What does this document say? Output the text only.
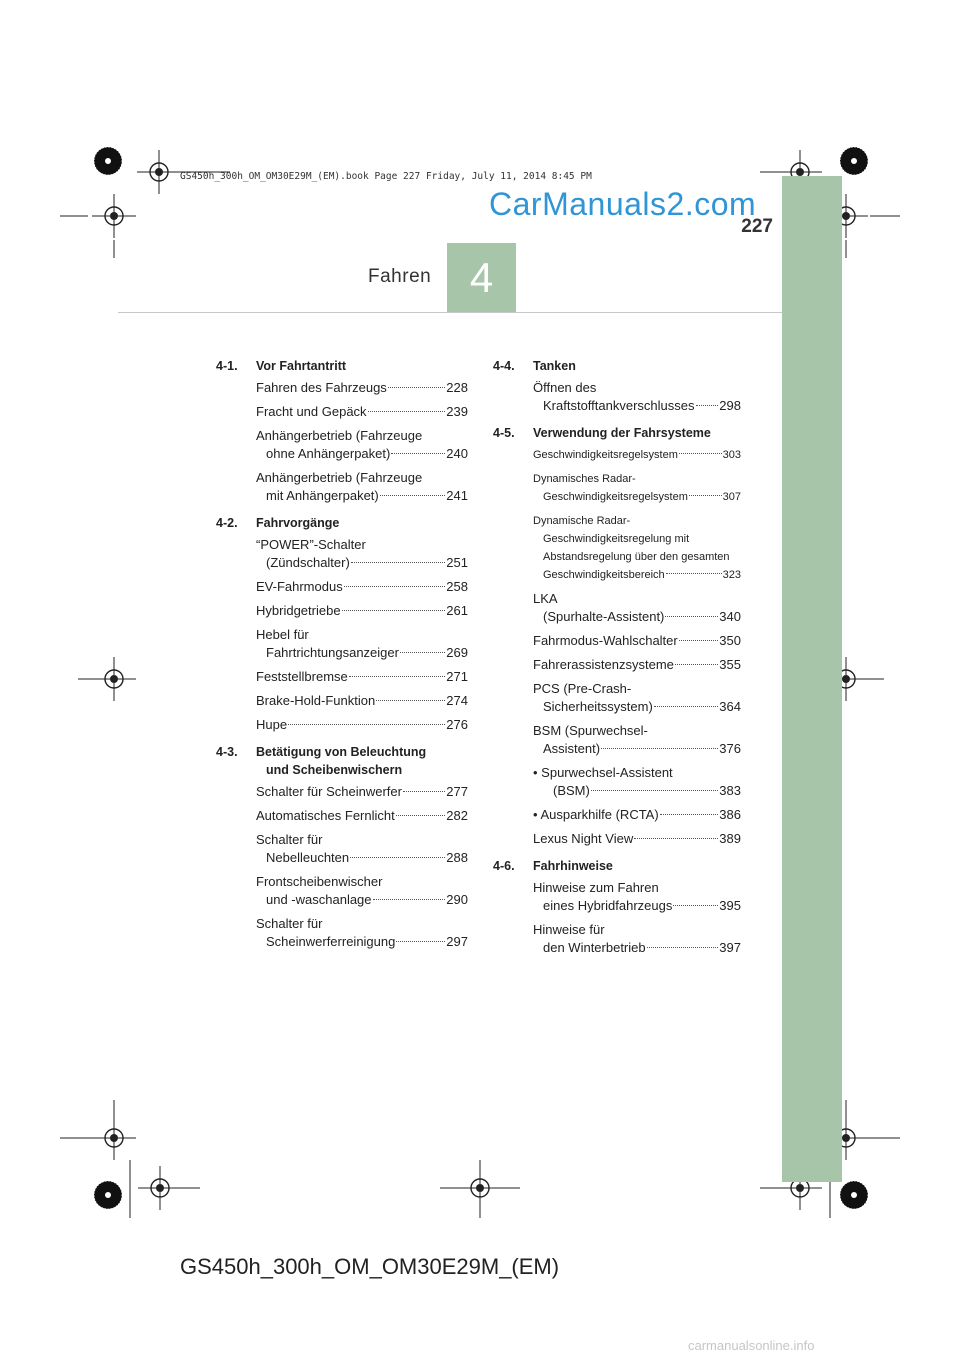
GS450h_300h_OM_OM30E29M_(EM).book Page 227 Friday, July 11, 2014 8:45 PM
CarManuals2.com
227
Fahren 4
4-1.	Vor Fahrtantritt
Fahren des Fahrzeugs	228
Fracht und Gepäck	239
Anhängerbetrieb (Fahrzeuge
ohne Anhängerpaket)	240
Anhängerbetrieb (Fahrzeuge
mit Anhängerpaket)	241
4-2.	Fahrvorgänge
“POWER”-Schalter
(Zündschalter)	251
EV-Fahrmodus	258
Hybridgetriebe	261
Hebel für
Fahrtrichtungsanzeiger	269
Feststellbremse	271
Brake-Hold-Funktion	274
Hupe	276
4-3.	Betätigung von Beleuchtung
und Scheibenwischern
Schalter für Scheinwerfer	277
Automatisches Fernlicht	282
Schalter für
Nebelleuchten	288
Frontscheibenwischer
und -waschanlage	290
Schalter für
Scheinwerferreinigung	297
4-4.	Tanken
Öffnen des
Kraftstofftankverschlusses 298
4-5.	Verwendung der Fahrsysteme
Geschwindigkeitsregelsystem	303
Dynamisches Radar-
Geschwindigkeitsregelsystem	307
Dynamische Radar-
Geschwindigkeitsregelung mit
Abstandsregelung über den gesamten
Geschwindigkeitsbereich	323
LKA
(Spurhalte-Assistent)	340
Fahrmodus-Wahlschalter	350
Fahrerassistenzsysteme	355
PCS (Pre-Crash-
Sicherheitssystem)	364
BSM (Spurwechsel-
Assistent)	376
• Spurwechsel-Assistent
(BSM)	383
• Ausparkhilfe (RCTA)	386
Lexus Night View	389
4-6.	Fahrhinweise
Hinweise zum Fahren
eines Hybridfahrzeugs	395
Hinweise für
den Winterbetrieb	397
GS450h_300h_OM_OM30E29M_(EM)
carmanualsonline.info
